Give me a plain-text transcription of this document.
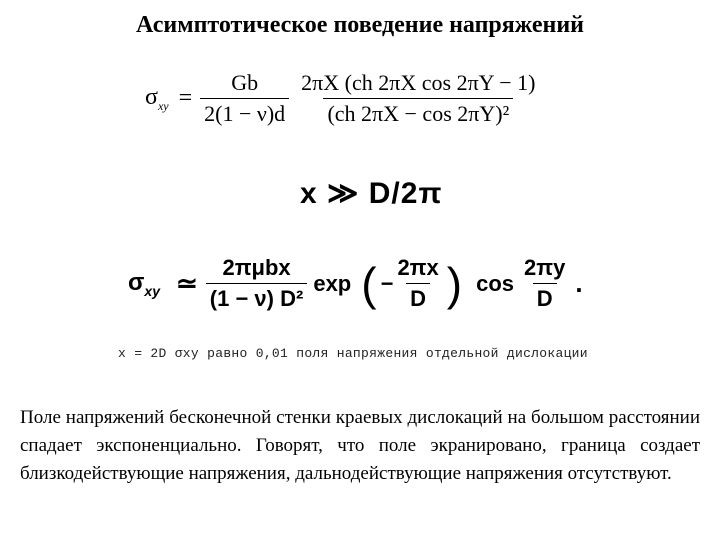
Асимптотическое поведение напряжений
$\sigma_{xy} = \frac{Gb}{2(1 - \nu)d} \frac{\text{2πX (ch 2πX cos 2πY − 1)}}{\text{(ch 2πX − cos 2πY)²}}$
x ≫ D/2π
$\sigma_{xy}$ ≃ $\frac{\text{2πμbx}}{\text{(1 − ν) D²}}$ exp ( − $\frac{2\pi x}{D}$ ) $\cos \frac{2\pi y}{D}$ .
x = 2D σxy равно 0,01 поля напряжения отдельной дислокации
Поле напряжений бесконечной стенки краевых дислокаций на большом расстоянии спадает экспоненциально. Говорят, что поле экранировано, граница создает близкодействующие напряжения, дальнодействующие напряжения отсутствуют.
